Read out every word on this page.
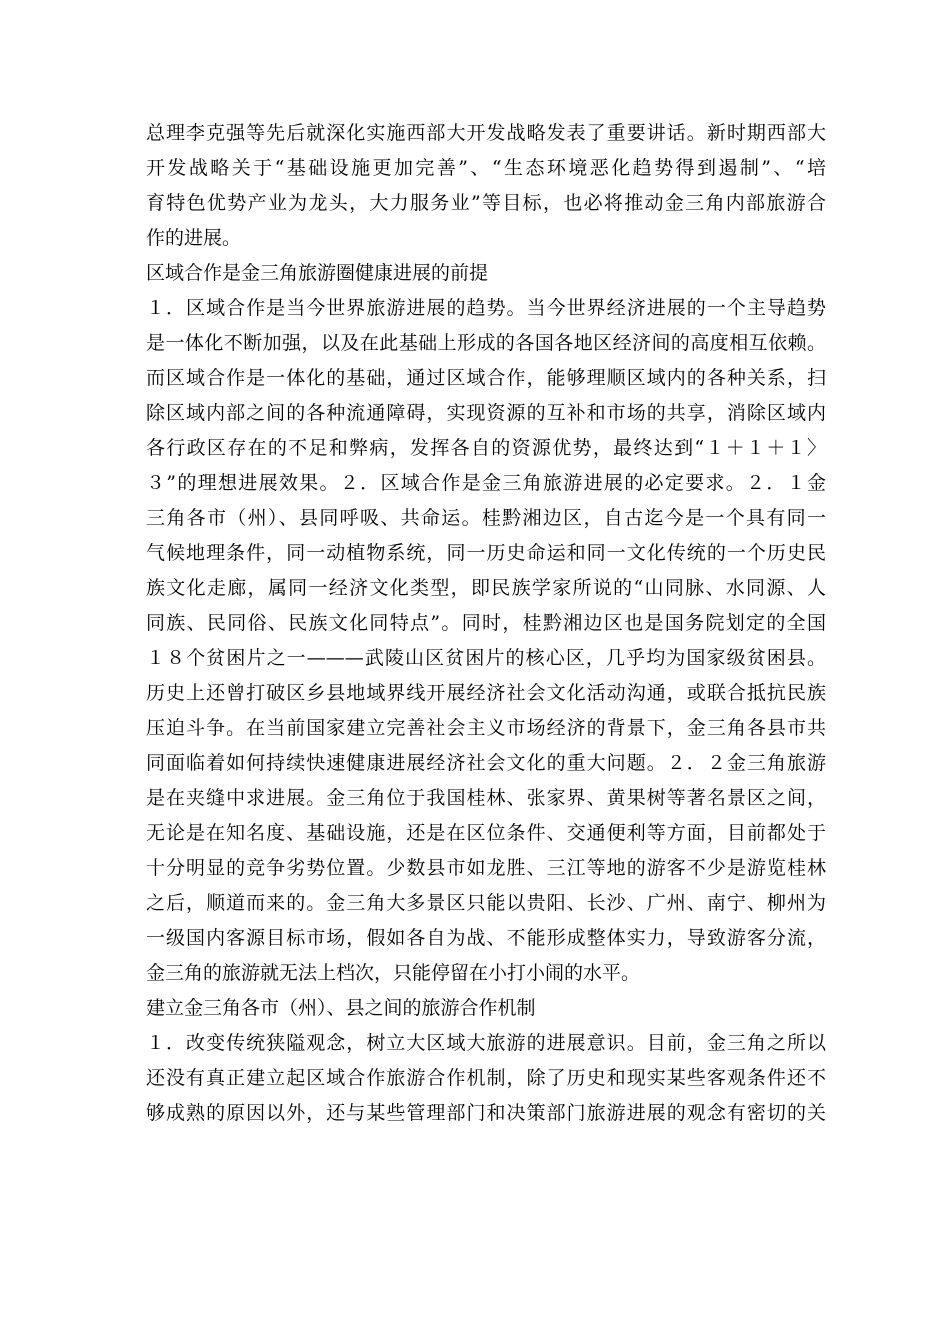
总理李克强等先后就深化实施西部大开发战略发表了重要讲话。新时期西部大
开发战略关于“基础设施更加完善”、“生态环境恶化趋势得到遏制”、“培
育特色优势产业为龙头，大力服务业”等目标，也必将推动金三角内部旅游合
作的进展。
区域合作是金三角旅游圈健康进展的前提
１．区域合作是当今世界旅游进展的趋势。当今世界经济进展的一个主导趋势
是一体化不断加强，以及在此基础上形成的各国各地区经济间的高度相互依赖。
而区域合作是一体化的基础，通过区域合作，能够理顺区域内的各种关系，扫
除区域内部之间的各种流通障碍，实现资源的互补和市场的共享，消除区域内
各行政区存在的不足和弊病，发挥各自的资源优势，最终达到“１＋１＋１〉
３”的理想进展效果。２．区域合作是金三角旅游进展的必定要求。２．１金
三角各市（州）、县同呼吸、共命运。桂黔湘边区，自古迄今是一个具有同一
气候地理条件，同一动植物系统，同一历史命运和同一文化传统的一个历史民
族文化走廊，属同一经济文化类型，即民族学家所说的“山同脉、水同源、人
同族、民同俗、民族文化同特点”。同时，桂黔湘边区也是国务院划定的全国
１８个贫困片之一———武陵山区贫困片的核心区，几乎均为国家级贫困县。
历史上还曾打破区乡县地域界线开展经济社会文化活动沟通，或联合抵抗民族
压迫斗争。在当前国家建立完善社会主义市场经济的背景下，金三角各县市共
同面临着如何持续快速健康进展经济社会文化的重大问题。２．２金三角旅游
是在夹缝中求进展。金三角位于我国桂林、张家界、黄果树等著名景区之间，
无论是在知名度、基础设施，还是在区位条件、交通便利等方面，目前都处于
十分明显的竞争劣势位置。少数县市如龙胜、三江等地的游客不少是游览桂林
之后，顺道而来的。金三角大多景区只能以贵阳、长沙、广州、南宁、柳州为
一级国内客源目标市场，假如各自为战、不能形成整体实力，导致游客分流，
金三角的旅游就无法上档次，只能停留在小打小闹的水平。
建立金三角各市（州）、县之间的旅游合作机制
１．改变传统狭隘观念，树立大区域大旅游的进展意识。目前，金三角之所以
还没有真正建立起区域合作旅游合作机制，除了历史和现实某些客观条件还不
够成熟的原因以外，还与某些管理部门和决策部门旅游进展的观念有密切的关
